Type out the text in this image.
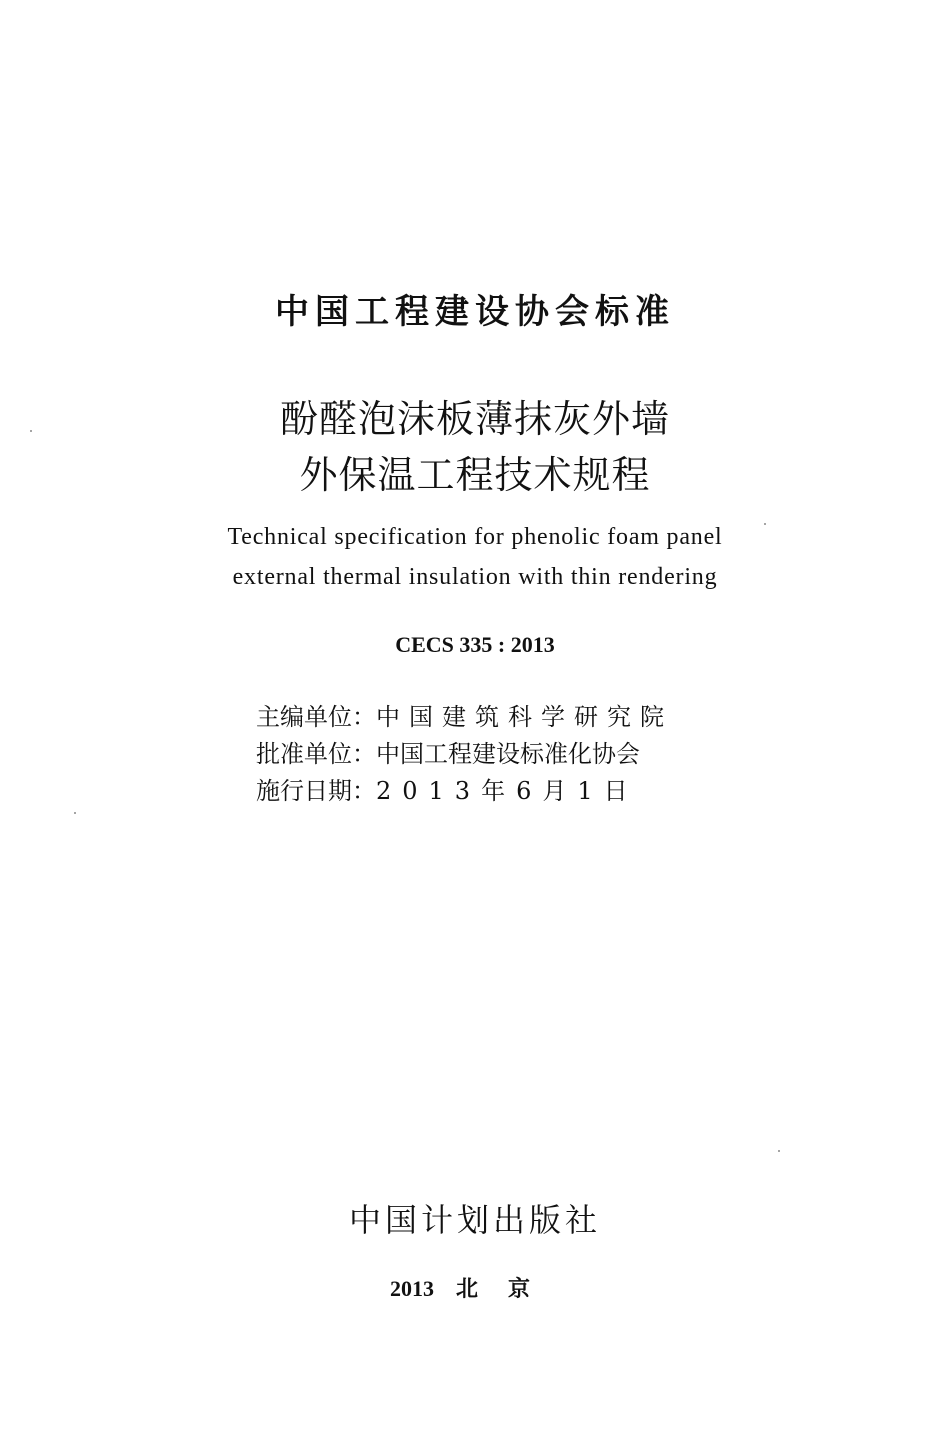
中国工程建设协会标准
酚醛泡沫板薄抹灰外墙
外保温工程技术规程
Technical specification for phenolic foam panel
external thermal insulation with thin rendering
CECS 335 : 2013
主编单位： 中国建筑科学研究院
批准单位： 中国工程建设标准化协会
施行日期： 2013年6月1日
中国计划出版社
2013 北京
